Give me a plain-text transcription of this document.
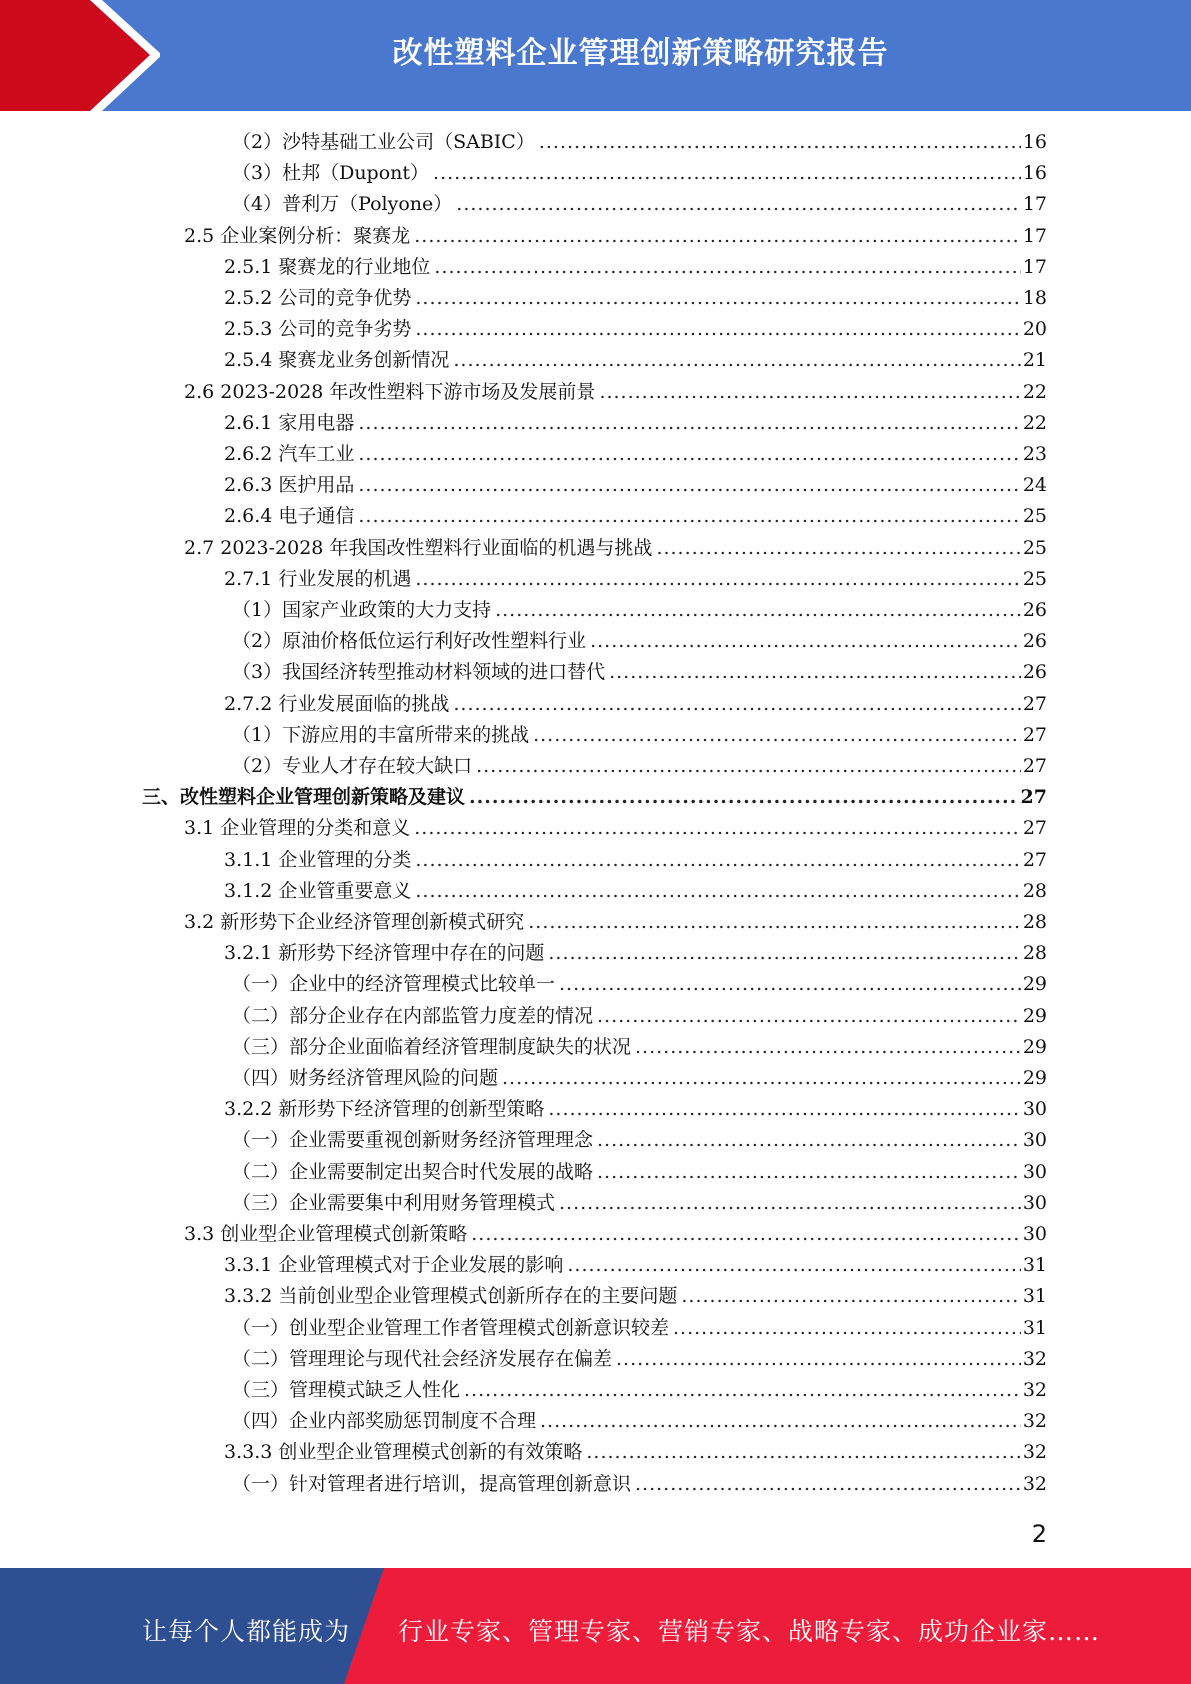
改性塑料企业管理创新策略研究报告
（2）沙特基础工业公司（SABIC） .....	16
（3）杜邦（Dupont） .....	16
（4）普利万（Polyone） .....	17
2.5 企业案例分析：聚赛龙 .....	17
2.5.1 聚赛龙的行业地位 .....	17
2.5.2 公司的竞争优势 .....	18
2.5.3 公司的竞争劣势 .....	20
2.5.4 聚赛龙业务创新情况 .....	21
2.6 2023-2028 年改性塑料下游市场及发展前景 .....	22
2.6.1 家用电器 .....	22
2.6.2 汽车工业 .....	23
2.6.3 医护用品 .....	24
2.6.4 电子通信 .....	25
2.7 2023-2028 年我国改性塑料行业面临的机遇与挑战 .....	25
2.7.1 行业发展的机遇 .....	25
（1）国家产业政策的大力支持 .....	26
（2）原油价格低位运行利好改性塑料行业 .....	26
（3）我国经济转型推动材料领域的进口替代 .....	26
2.7.2 行业发展面临的挑战 .....	27
（1）下游应用的丰富所带来的挑战 .....	27
（2）专业人才存在较大缺口 .....	27
三、改性塑料企业管理创新策略及建议 .....	27
3.1 企业管理的分类和意义 .....	27
3.1.1 企业管理的分类 .....	27
3.1.2 企业管重要意义 .....	28
3.2 新形势下企业经济管理创新模式研究 .....	28
3.2.1 新形势下经济管理中存在的问题 .....	28
（一）企业中的经济管理模式比较单一 .....	29
（二）部分企业存在内部监管力度差的情况 .....	29
（三）部分企业面临着经济管理制度缺失的状况 .....	29
（四）财务经济管理风险的问题 .....	29
3.2.2 新形势下经济管理的创新型策略 .....	30
（一）企业需要重视创新财务经济管理理念 .....	30
（二）企业需要制定出契合时代发展的战略 .....	30
（三）企业需要集中利用财务管理模式 .....	30
3.3 创业型企业管理模式创新策略 .....	30
3.3.1 企业管理模式对于企业发展的影响 .....	31
3.3.2 当前创业型企业管理模式创新所存在的主要问题 .....	31
（一）创业型企业管理工作者管理模式创新意识较差 .....	31
（二）管理理论与现代社会经济发展存在偏差 .....	32
（三）管理模式缺乏人性化 .....	32
（四）企业内部奖励惩罚制度不合理 .....	32
3.3.3 创业型企业管理模式创新的有效策略 .....	32
（一）针对管理者进行培训，提高管理创新意识 .....	32
2
让每个人都能成为 行业专家、管理专家、营销专家、战略专家、成功企业家……
